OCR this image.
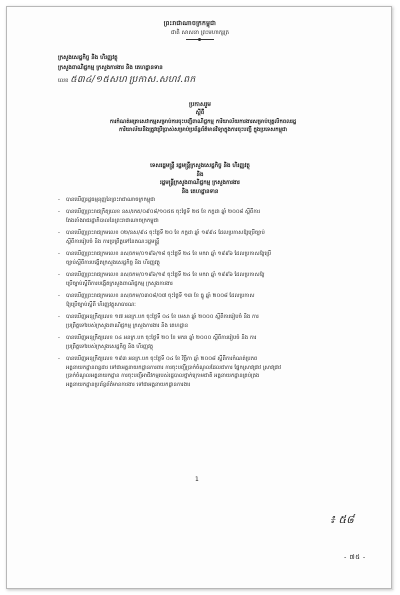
ព្រះរាជាណាចក្រកម្ពុជា
ជាតិ សាសនា ព្រះមហាក្សត្រ
ក្រសួងសេដ្ឋកិច្ច និង ហិរញ្ញវត្ថុ
ក្រសួងពាណិជ្ជកម្ម ក្រសួងការងារ និង គេហដ្ឋានទាន
លេខ ៥៣៤/១៥សហ ប្រកាស.សហវ.ពក
ប្រកាសរួម
ស្តីពី
ការកំណត់អត្រាសេវាកម្មសម្រាប់ការចុះបញ្ជីពាណិជ្ជកម្ម ការិយាល័យការងារសម្រាប់បុគ្គលិកពលរដ្ឋ
ការិយាល័យនិងត្រូវប្រើប្រាស់សម្រាប់ប្រព័ន្ធព័ត៌មានវិទ្យាក្នុងការចុះបញ្ជី ក្នុងប្រទេសកម្ពុជា
ទេសរដ្ឋមន្ត្រី រដ្ឋមន្ត្រីក្រសួងសេដ្ឋកិច្ច និង ហិរញ្ញវត្ថុ
និង
រដ្ឋមន្ត្រីក្រសួងពាណិជ្ជកម្ម ក្រសួងការងារ
និង គេហដ្ឋានទាន
- បានឃើញរដ្ឋធម្មនុញ្ញនៃព្រះរាជាណាចក្រកម្ពុជា
- បានឃើញព្រះរាជក្រឹត្យលេខ នស/រកត/០៩០៨/១០៥៥ ចុះថ្ងៃទី ២៥ ខែ កក្កដា ឆ្នាំ ២០០៨ ស្តីពីការ
តែងតាំងរាជរដ្ឋាភិបាលនៃព្រះរាជាណាចក្រកម្ពុជា
- បានឃើញព្រះរាជក្រមលេខ ០២/នស/៩៤ ចុះថ្ងៃទី ២០ ខែ កក្កដា ឆ្នាំ ១៩៩៤ ដែលប្រកាសឱ្យប្រើច្បាប់
ស្តីពីការរៀបចំ និង ការប្រព្រឹត្តទៅនៃគណៈរដ្ឋមន្ត្រី
- បានឃើញព្រះរាជក្រមលេខ នស/រកម/០១៩៦/១៨ ចុះថ្ងៃទី ២៤ ខែ មករា ឆ្នាំ ១៩៩៦ ដែលប្រកាសឱ្យប្រើ
ច្បាប់ស្តីពីការបង្កើតក្រសួងសេដ្ឋកិច្ច និង ហិរញ្ញវត្ថុ
- បានឃើញព្រះរាជក្រមលេខ នស/រកម/០១៩៦/១៩ ចុះថ្ងៃទី ២៤ ខែ មករា ឆ្នាំ ១៩៩៦ ដែលប្រកាសឱ្យ
ប្រើច្បាប់ស្តីពីការបង្កើតក្រសួងពាណិជ្ជកម្ម ក្រសួងការងារ
- បានឃើញព្រះរាជក្រមលេខ នស/រកម/០៣០៨/០៧ ចុះថ្ងៃទី ១៣ ខែ ធ្នូ ឆ្នាំ ២០០៨ ដែលប្រកាស
ឱ្យប្រើច្បាប់ស្តីពី ហិរញ្ញវត្ថុសាធារណៈ
- បានឃើញអនុក្រឹត្យលេខ ១៧ អនក្រ.បក ចុះថ្ងៃទី ០៤ ខែ មេសា ឆ្នាំ ២០០០ ស្តីពីការរៀបចំ និង ការ
ប្រព្រឹត្តទៅរបស់ក្រសួងពាណិជ្ជកម្ម ក្រសួងការងារ និង គេហដ្ឋាន
- បានឃើញអនុក្រឹត្យលេខ ០៤ អនក្រ.បក ចុះថ្ងៃទី ២០ ខែ មករា ឆ្នាំ ២០០០ ស្តីពីការរៀបចំ និង ការ
ប្រព្រឹត្តទៅរបស់ក្រសួងសេដ្ឋកិច្ច និង ហិរញ្ញវត្ថុ
- បានឃើញអនុក្រឹត្យលេខ ១៩៣ អនក្រ.បក ចុះថ្ងៃទី ០៤ ខែ វិច្ឆិកា ឆ្នាំ ២០០៨ ស្តីពីការកំណត់ប្រភព
អគ្គនាយកដ្ឋានពន្ធដារ ទៅជាអគ្គនាយកដ្ឋានការពារ ការចុះបញ្ជីប្រាក់ចំណូលដែលជាការ ផ្នែកស្រាវជ្រាវ ស្រាវជ្រាវ
ប្រាក់ចំណូលអគ្គនាយកដ្ឋាន ការចុះបញ្ជីអាជីវកម្មរបស់រដ្ឋបាលថ្នាក់ក្រោមជាតិ អគ្គនាយកដ្ឋានគ្រប់គ្រង
អគ្គនាយកដ្ឋានប្រព័ន្ធព័ត៌មានការងារ ទៅជាអគ្គនាយកដ្ឋានការងារ
1
៖ ៥៨
- ៧៥ -
